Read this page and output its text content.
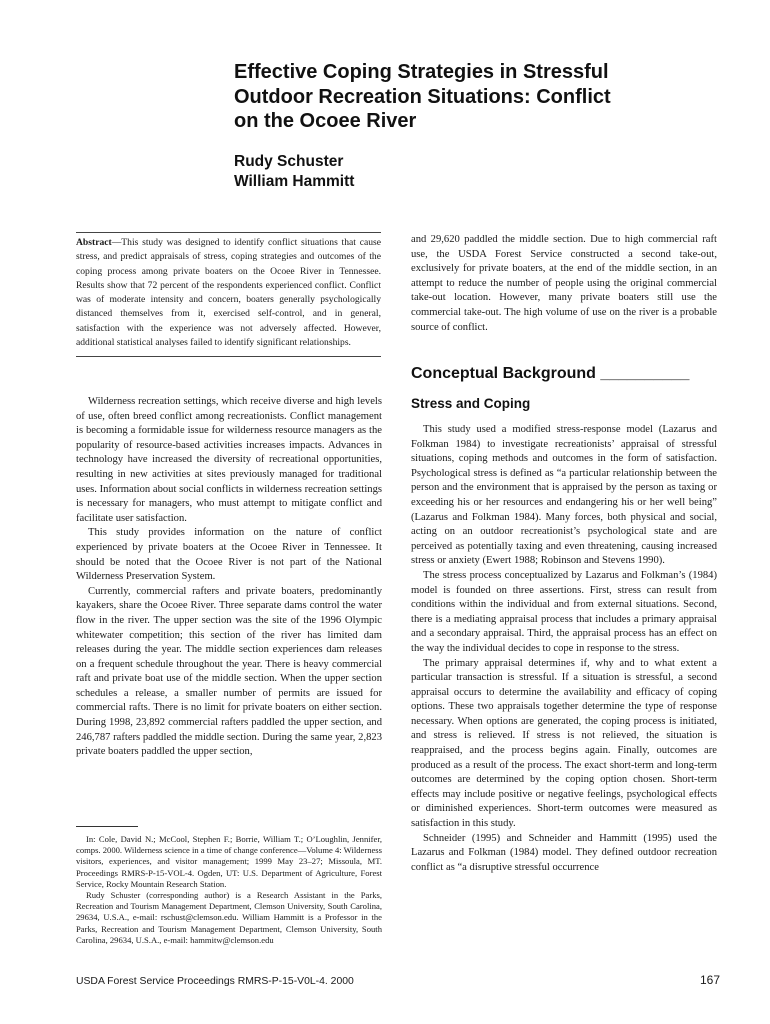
Effective Coping Strategies in Stressful
Outdoor Recreation Situations: Conflict
on the Ocoee River
Rudy Schuster
William Hammitt

Abstract—This study was designed to identify conflict situations that cause stress, and predict appraisals of stress, coping strategies and outcomes of the coping process among private boaters on the Ocoee River in Tennessee. Results show that 72 percent of the respondents experienced conflict. Conflict was of moderate intensity and concern, boaters generally psychologically distanced themselves from it, exercised self-control, and in general, satisfaction with the experience was not adversely affected. However, additional statistical analyses failed to identify significant relationships.

Wilderness recreation settings, which receive diverse and high levels of use, often breed conflict among recreationists. Conflict management is becoming a formidable issue for wilderness resource managers as the popularity of resource-based activities increases impacts. Advances in technology have increased the diversity of recreational opportunities, resulting in new activities at sites previously managed for traditional uses. Information about social conflicts in wilderness recreation settings is necessary for managers, who must attempt to mitigate conflict and facilitate user satisfaction.

This study provides information on the nature of conflict experienced by private boaters at the Ocoee River in Tennessee. It should be noted that the Ocoee River is not part of the National Wilderness Preservation System.

Currently, commercial rafters and private boaters, predominantly kayakers, share the Ocoee River. Three separate dams control the water flow in the river. The upper section was the site of the 1996 Olympic whitewater competition; this section of the river has limited dam releases during the year. The middle section experiences dam releases on a frequent schedule throughout the year. There is heavy commercial raft and private boat use of the middle section. When the upper section schedules a release, a smaller number of permits are issued for commercial rafts. There is no limit for private boaters on either section. During 1998, 23,892 commercial rafters paddled the upper section, and 246,787 rafters paddled the middle section. During the same year, 2,823 private boaters paddled the upper section,

In: Cole, David N.; McCool, Stephen F.; Borrie, William T.; O’Loughlin, Jennifer, comps. 2000. Wilderness science in a time of change conference—Volume 4: Wilderness visitors, experiences, and visitor management; 1999 May 23–27; Missoula, MT. Proceedings RMRS-P-15-VOL-4. Ogden, UT: U.S. Department of Agriculture, Forest Service, Rocky Mountain Research Station.

Rudy Schuster (corresponding author) is a Research Assistant in the Parks, Recreation and Tourism Management Department, Clemson University, South Carolina, 29634, U.S.A., e-mail: rschust@clemson.edu. William Hammitt is a Professor in the Parks, Recreation and Tourism Management Department, Clemson University, South Carolina, 29634, U.S.A., e-mail: hammitw@clemson.edu

and 29,620 paddled the middle section. Due to high commercial raft use, the USDA Forest Service constructed a second take-out, exclusively for private boaters, at the end of the middle section, in an attempt to reduce the number of people using the original commercial take-out location. However, many private boaters still use the commercial take-out. The high volume of use on the river is a probable source of conflict.

Conceptual Background __________
Stress and Coping

This study used a modified stress-response model (Lazarus and Folkman 1984) to investigate recreationists’ appraisal of stressful situations, coping methods and outcomes in the form of satisfaction. Psychological stress is defined as “a particular relationship between the person and the environment that is appraised by the person as taxing or exceeding his or her resources and endangering his or her well being” (Lazarus and Folkman 1984). Many forces, both physical and social, acting on an outdoor recreationist’s psychological state and are perceived as potentially taxing and even threatening, causing increased stress or anxiety (Ewert 1988; Robinson and Stevens 1990).

The stress process conceptualized by Lazarus and Folkman’s (1984) model is founded on three assertions. First, stress can result from conditions within the individual and from external situations. Second, there is a mediating appraisal process that includes a primary appraisal and a secondary appraisal. Third, the appraisal process has an effect on the way the individual decides to cope in response to the stress.

The primary appraisal determines if, why and to what extent a particular transaction is stressful. If a situation is stressful, a second appraisal occurs to determine the availability and efficacy of coping options. These two appraisals together determine the type of response necessary. When options are generated, the coping process is initiated, and stress is relieved. If stress is not relieved, the situation is reappraised, and the process begins again. Finally, outcomes are produced as a result of the process. The exact short-term and long-term outcomes are determined by the coping option chosen. Short-term effects may include positive or negative feelings, psychological effects or diminished experiences. Short-term outcomes were measured as satisfaction in this study.

Schneider (1995) and Schneider and Hammitt (1995) used the Lazarus and Folkman (1984) model. They defined outdoor recreation conflict as “a disruptive stressful occurrence

USDA Forest Service Proceedings RMRS-P-15-V0L-4. 2000	167
